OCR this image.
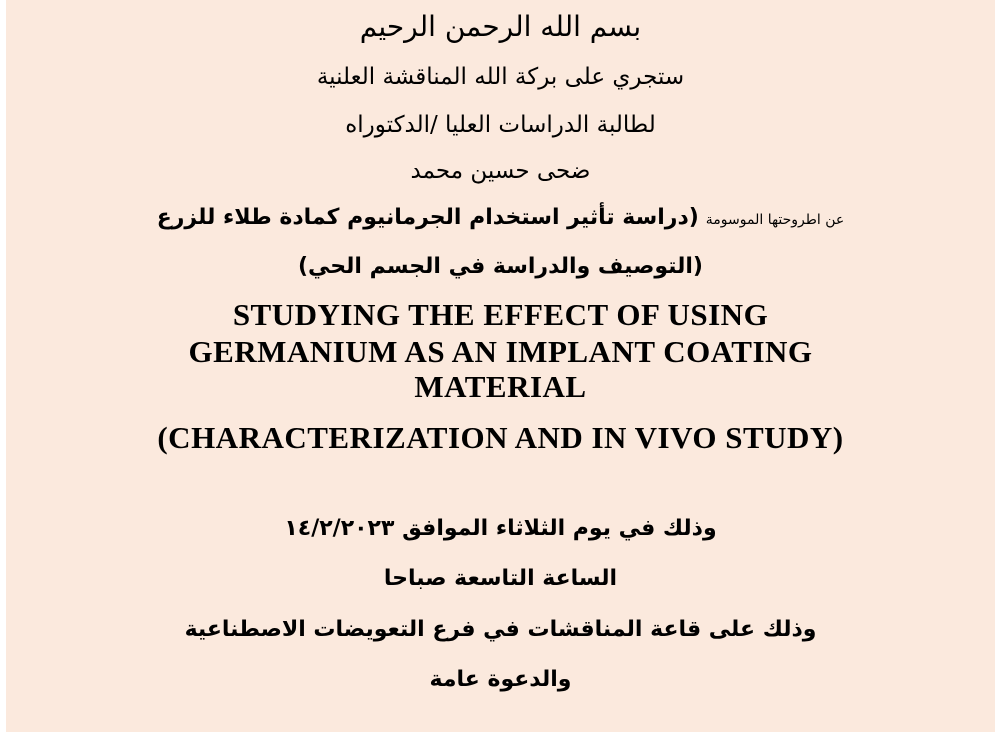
بسم الله الرحمن الرحيم
ستجري على بركة الله المناقشة العلنية
لطالبة الدراسات العليا /الدكتوراه
ضحى حسين محمد
عن اطروحتها الموسومة (دراسة تأثير استخدام الجرمانيوم كمادة طلاء للزرع
(التوصيف والدراسة في الجسم الحي)
STUDYING THE EFFECT OF USING
GERMANIUM AS AN IMPLANT COATING
MATERIAL
(CHARACTERIZATION AND IN VIVO STUDY)
وذلك في يوم الثلاثاء الموافق ١٤/٢/٢٠٢٣
الساعة التاسعة صباحا
وذلك على قاعة المناقشات في فرع التعويضات الاصطناعية
والدعوة عامة
